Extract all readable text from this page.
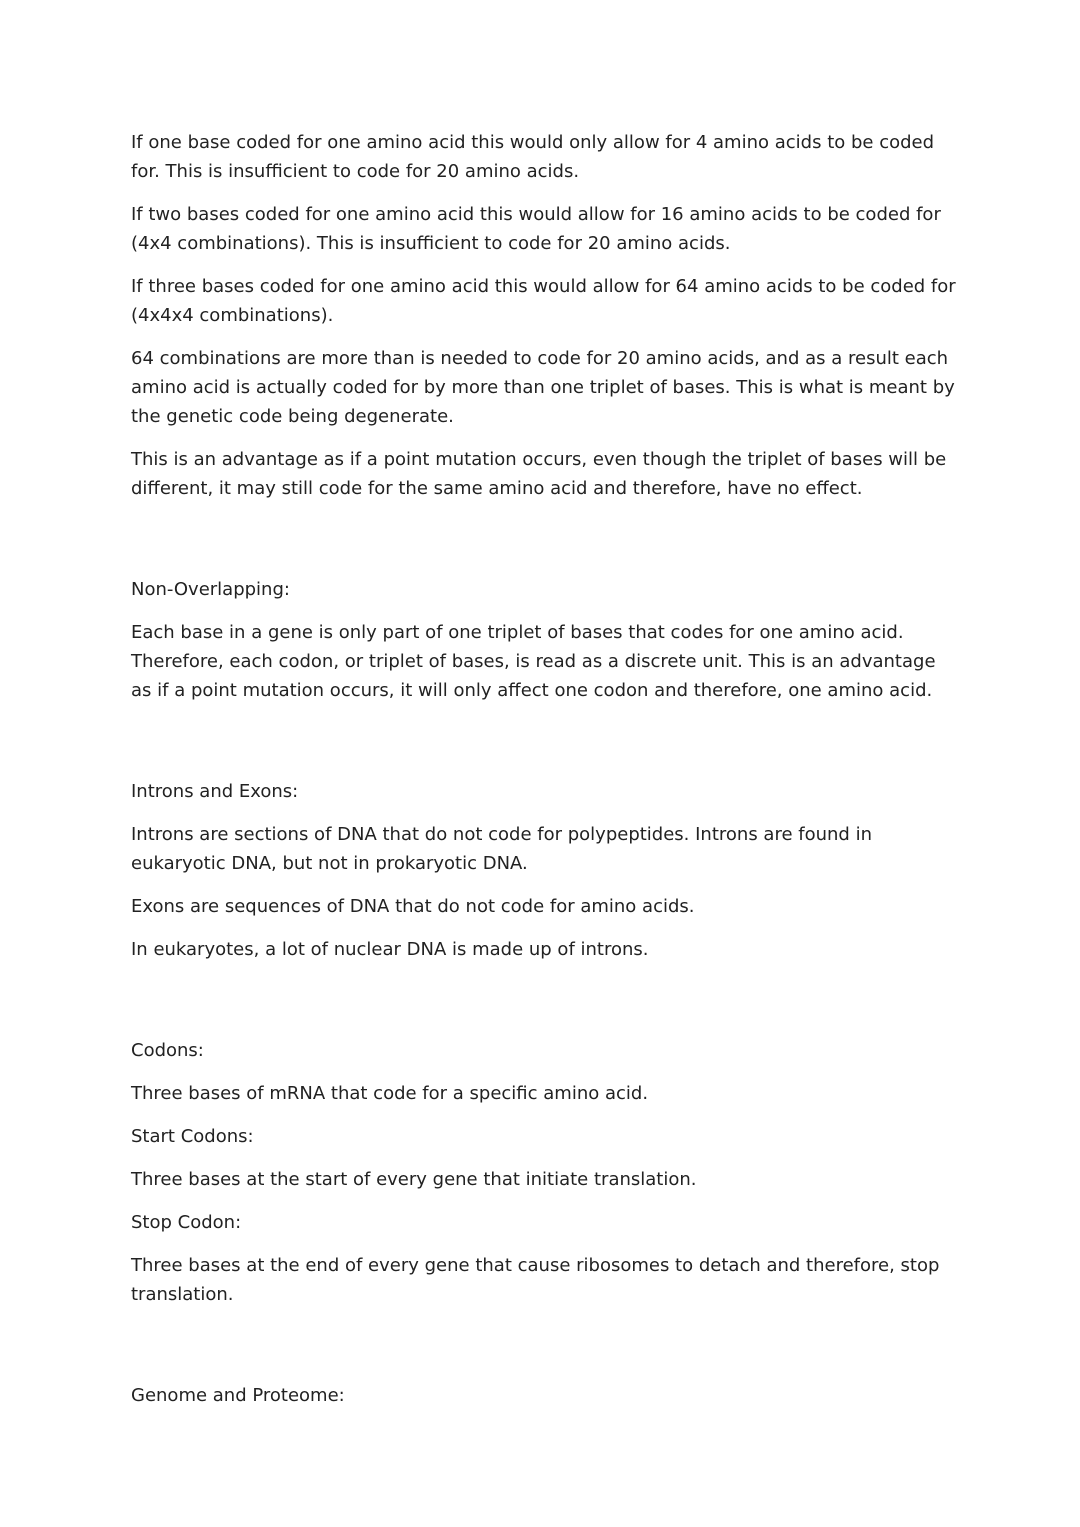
If one base coded for one amino acid this would only allow for 4 amino acids to be coded for. This is insufficient to code for 20 amino acids.

If two bases coded for one amino acid this would allow for 16 amino acids to be coded for (4x4 combinations). This is insufficient to code for 20 amino acids.

If three bases coded for one amino acid this would allow for 64 amino acids to be coded for (4x4x4 combinations).

64 combinations are more than is needed to code for 20 amino acids, and as a result each amino acid is actually coded for by more than one triplet of bases. This is what is meant by the genetic code being degenerate.

This is an advantage as if a point mutation occurs, even though the triplet of bases will be different, it may still code for the same amino acid and therefore, have no effect.

Non-Overlapping:

Each base in a gene is only part of one triplet of bases that codes for one amino acid. Therefore, each codon, or triplet of bases, is read as a discrete unit. This is an advantage as if a point mutation occurs, it will only affect one codon and therefore, one amino acid.

Introns and Exons:

Introns are sections of DNA that do not code for polypeptides. Introns are found in eukaryotic DNA, but not in prokaryotic DNA.

Exons are sequences of DNA that do not code for amino acids.

In eukaryotes, a lot of nuclear DNA is made up of introns.

Codons:

Three bases of mRNA that code for a specific amino acid.

Start Codons:

Three bases at the start of every gene that initiate translation.

Stop Codon:

Three bases at the end of every gene that cause ribosomes to detach and therefore, stop translation.

Genome and Proteome:
